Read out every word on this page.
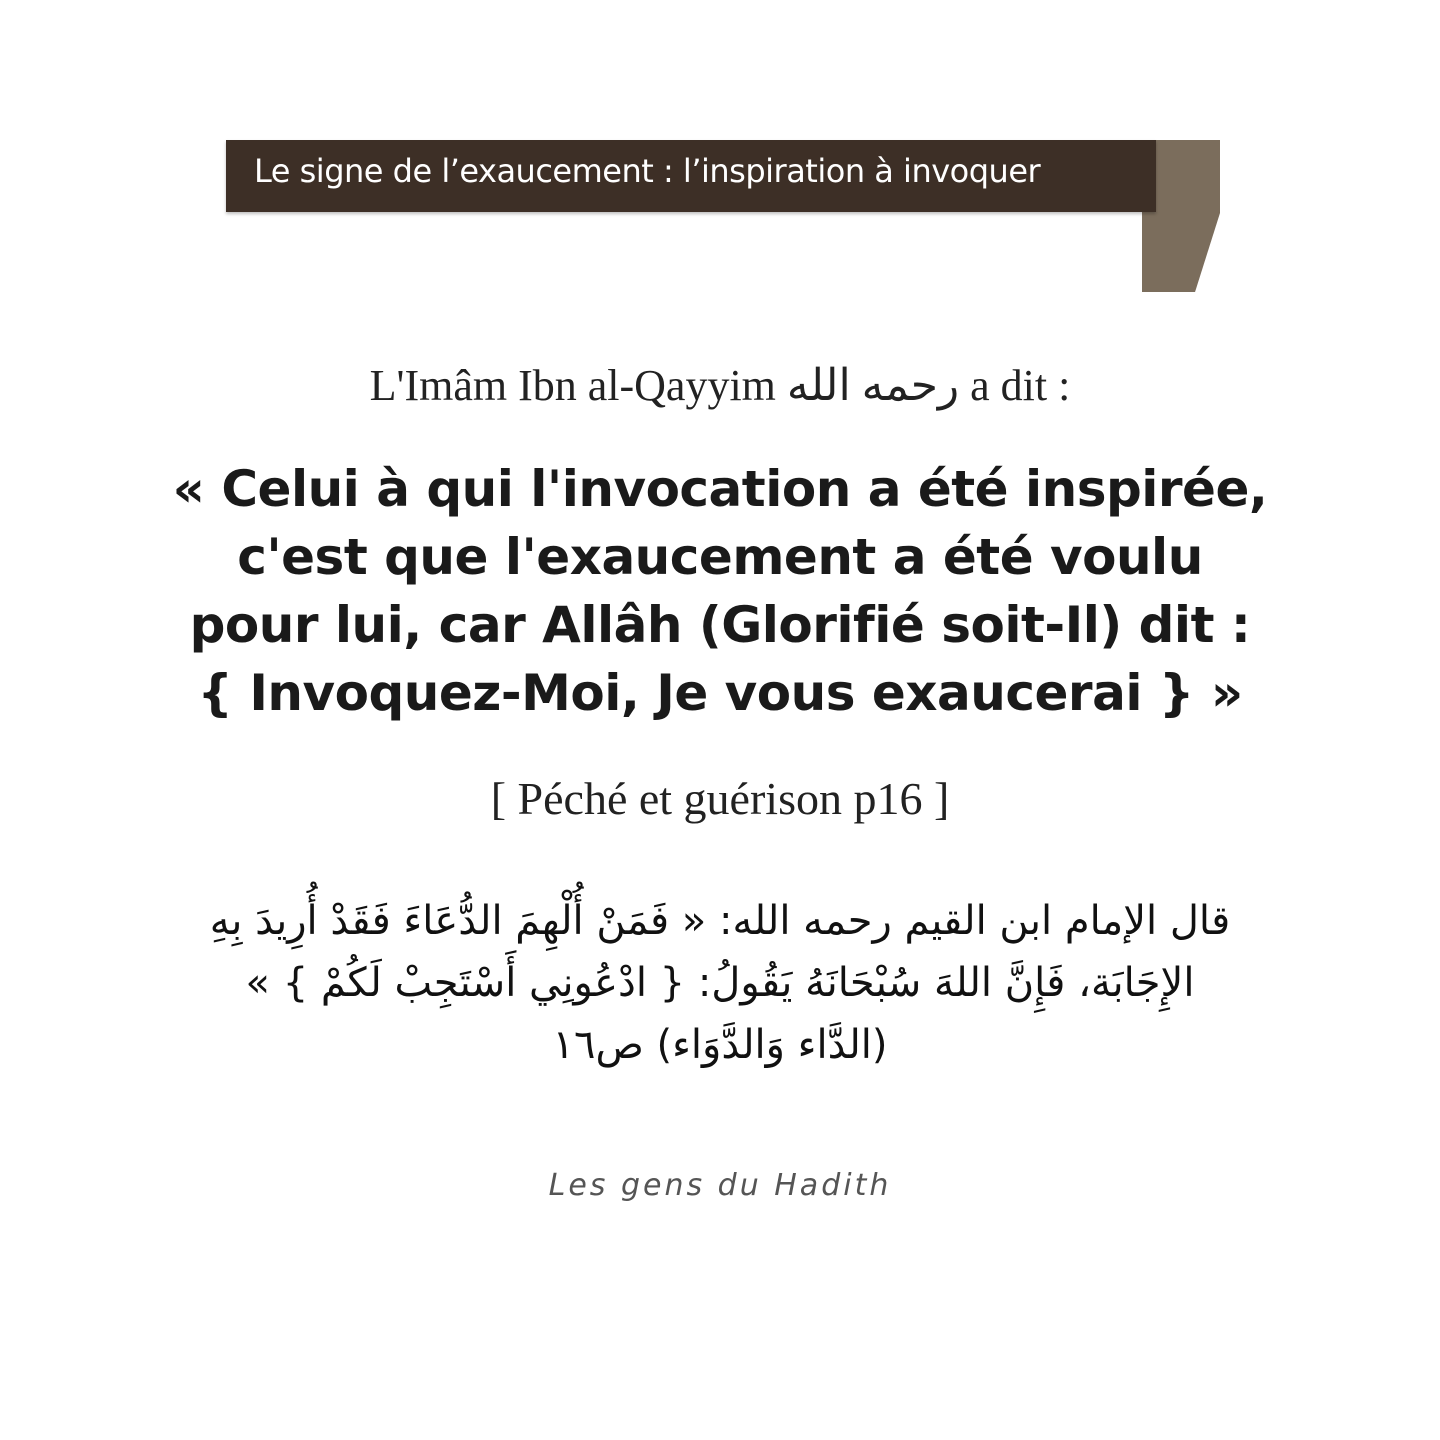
Le signe de l’exaucement : l’inspiration à invoquer
L'Imâm Ibn al-Qayyim رحمه الله a dit :
« Celui à qui l'invocation a été inspirée,
c'est que l'exaucement a été voulu
pour lui, car Allâh (Glorifié soit-Il) dit :
{ Invoquez-Moi, Je vous exaucerai } »
[ Péché et guérison p16 ]
قال الإمام ابن القيم رحمه الله: « فَمَنْ أُلْهِمَ الدُّعَاءَ فَقَدْ أُرِيدَ بِهِ الإِجَابَة، فَإِنَّ اللهَ سُبْحَانَهُ يَقُولُ: { ادْعُونِي أَسْتَجِبْ لَكُمْ } » (الدَّاء وَالدَّوَاء) ص١٦
Les gens du Hadith
